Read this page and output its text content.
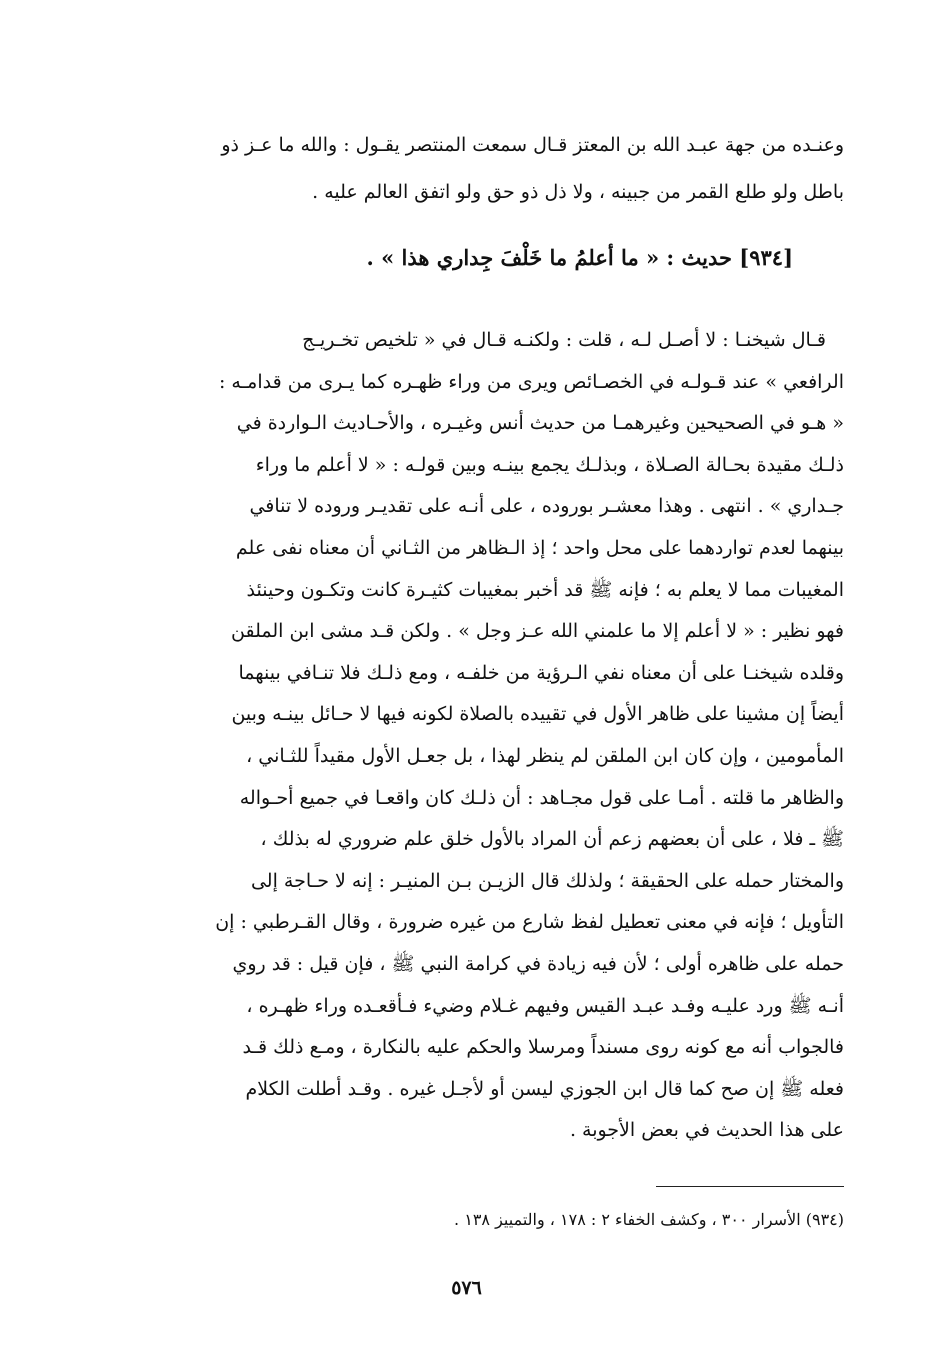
وعنـده من جهة عبـد الله بن المعتز قـال سمعت المنتصر يقـول : والله ما عـز ذو
باطل ولو طلع القمر من جبينه ، ولا ذل ذو حق ولو اتفق العالم عليه .
[٩٣٤] حديث : « ما أعلمُ ما خَلْفَ جِداري هذا » .
قـال شيخنـا : لا أصـل لـه ، قلت : ولكنـه قـال في « تلخيص تخـريـج
الرافعي » عند قـولـه في الخصـائص ويرى من وراء ظهـره كما يـرى من قدامـه :
« هـو في الصحيحين وغيرهمـا من حديث أنس وغيـره ، والأحـاديث الـواردة في
ذلـك مقيدة بحـالة الصـلاة ، وبذلـك يجمع بينـه وبين قولـه : « لا أعلم ما وراء
جـداري » . انتهى . وهذا معشـر بوروده ، على أنـه على تقديـر وروده لا تنافي
بينهما لعدم تواردهما على محل واحد ؛ إذ الـظاهر من الثـاني أن معناه نفى علم
المغيبات مما لا يعلم به ؛ فإنه ﷺ قد أخبر بمغيبات كثيـرة كانت وتكـون وحينئذ
فهو نظير : « لا أعلم إلا ما علمني الله عـز وجل » . ولكن قـد مشى ابن الملقن
وقلده شيخنـا على أن معناه نفي الـرؤية من خلفـه ، ومع ذلـك فلا تنـافي بينهما
أيضاً إن مشينا على ظاهر الأول في تقييده بالصلاة لكونه فيها لا حـائل بينـه وبين
المأمومين ، وإن كان ابن الملقن لم ينظر لهذا ، بل جعـل الأول مقيداً للثـاني ،
والظاهر ما قلته . أمـا على قول مجـاهد : أن ذلـك كان واقعـا في جميع أحـواله
ﷺ ـ فلا ، على أن بعضهم زعم أن المراد بالأول خلق علم ضروري له بذلك ،
والمختار حمله على الحقيقة ؛ ولذلك قال الزيـن بـن المنيـر : إنه لا حـاجة إلى
التأويل ؛ فإنه في معنى تعطيل لفظ شارع من غيره ضرورة ، وقال القـرطبي : إن
حمله على ظاهره أولى ؛ لأن فيه زيادة في كرامة النبي ﷺ ، فإن قيل : قد روي
أنـه ﷺ ورد عليـه وفـد عبـد القيس وفيهم غـلام وضيء فـأقعـده وراء ظهـره ،
فالجواب أنه مع كونه روى مسنداً ومرسلا والحكم عليه بالنكارة ، ومـع ذلك قـد
فعله ﷺ إن صح كما قال ابن الجوزي ليسن أو لأجـل غيره . وقـد أطلت الكلام
على هذا الحديث في بعض الأجوبة .
(٩٣٤) الأسرار ٣٠٠ ، وكشف الخفاء ٢ : ١٧٨ ، والتمييز ١٣٨ .
٥٧٦
